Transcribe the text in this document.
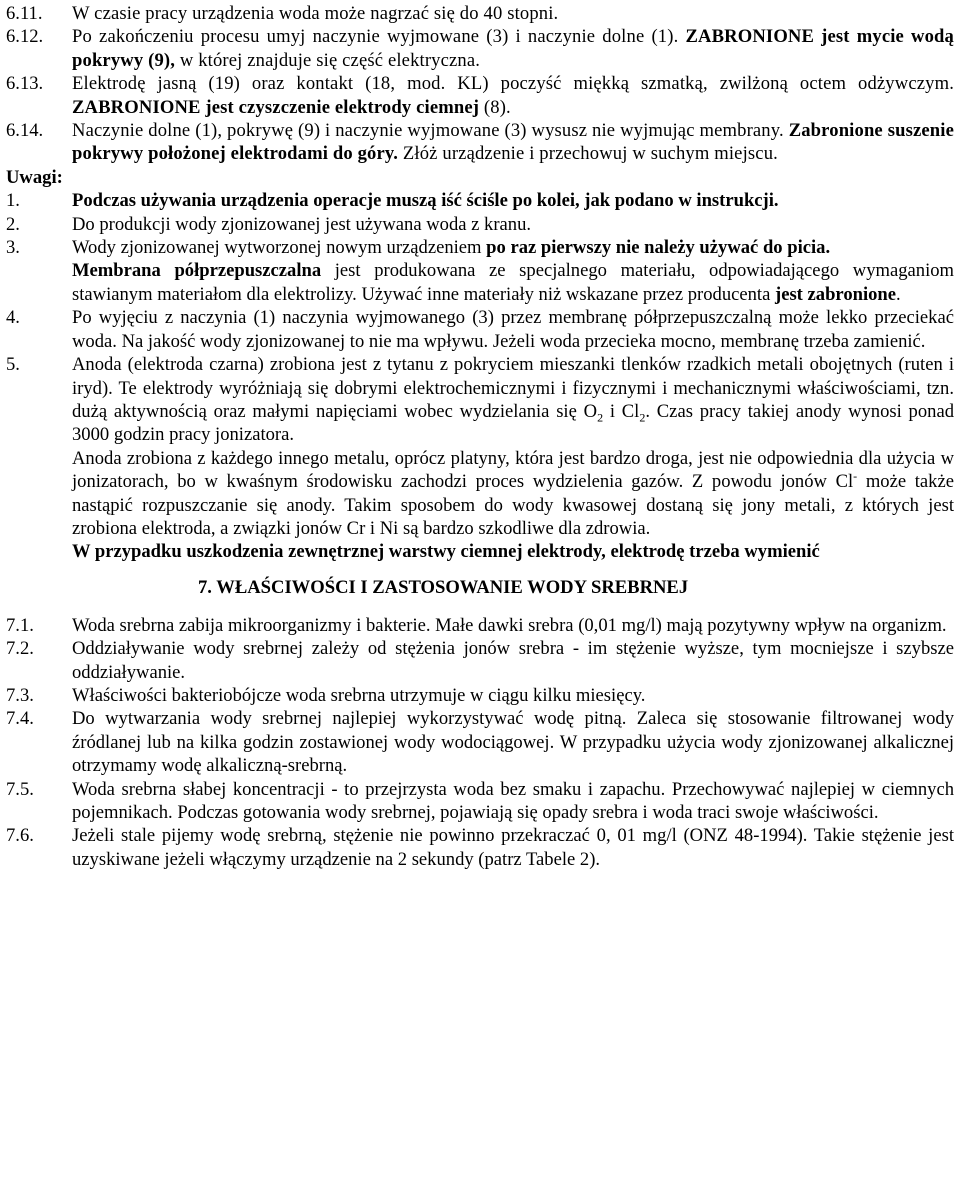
6.11.	W czasie pracy urządzenia woda może nagrzać się do 40 stopni.
6.12.	Po zakończeniu procesu umyj naczynie wyjmowane (3) i naczynie dolne (1). ZABRONIONE jest mycie wodą pokrywy (9), w której znajduje się część elektryczna.
6.13.	Elektrodę jasną (19) oraz kontakt (18, mod. KL) poczyść miękką szmatką, zwilżoną octem odżywczym. ZABRONIONE jest czyszczenie elektrody ciemnej (8).
6.14.	Naczynie dolne (1), pokrywę (9) i naczynie wyjmowane (3) wysusz nie wyjmując membrany. Zabronione suszenie pokrywy położonej elektrodami do góry. Złóż urządzenie i przechowuj w suchym miejscu.
Uwagi:
1.	Podczas używania urządzenia operacje muszą iść ściśle po kolei, jak podano w instrukcji.
2.	Do produkcji wody zjonizowanej jest używana woda z kranu.
3.	Wody zjonizowanej wytworzonej nowym urządzeniem po raz pierwszy nie należy używać do picia.
Membrana półprzepuszczalna jest produkowana ze specjalnego materiału, odpowiadającego wymaganiom stawianym materiałom dla elektrolizy. Używać inne materiały niż wskazane przez producenta jest zabronione.
4.	Po wyjęciu z naczynia (1) naczynia wyjmowanego (3) przez membranę półprzepuszczalną może lekko przeciekać woda. Na jakość wody zjonizowanej to nie ma wpływu. Jeżeli woda przecieka mocno, membranę trzeba zamienić.
5.	Anoda (elektroda czarna) zrobiona jest z tytanu z pokryciem mieszanki tlenków rzadkich metali obojętnych (ruten i iryd). Te elektrody wyróżniają się dobrymi elektrochemicznymi i fizycznymi i mechanicznymi właściwościami, tzn. dużą aktywnością oraz małymi napięciami wobec wydzielania się $O_2$ i $Cl_2$. Czas pracy takiej anody wynosi ponad 3000 godzin pracy jonizatora.
Anoda zrobiona z każdego innego metalu, oprócz platyny, która jest bardzo droga, jest nie odpowiednia dla użycia w jonizatorach, bo w kwaśnym środowisku zachodzi proces wydzielenia gazów. Z powodu jonów Cl- może także nastąpić rozpuszczanie się anody. Takim sposobem do wody kwasowej dostaną się jony metali, z których jest zrobiona elektroda, a związki jonów Cr i Ni są bardzo szkodliwe dla zdrowia.
W przypadku uszkodzenia zewnętrznej warstwy ciemnej elektrody, elektrodę trzeba wymienić
7. WŁAŚCIWOŚCI I ZASTOSOWANIE WODY SREBRNEJ
7.1.	Woda srebrna zabija mikroorganizmy i bakterie. Małe dawki srebra (0,01 mg/l) mają pozytywny wpływ na organizm.
7.2.	Oddziaływanie wody srebrnej zależy od stężenia jonów srebra - im stężenie wyższe, tym mocniejsze i szybsze oddziaływanie.
7.3.	Właściwości bakteriobójcze woda srebrna utrzymuje w ciągu kilku miesięcy.
7.4.	Do wytwarzania wody srebrnej najlepiej wykorzystywać wodę pitną. Zaleca się stosowanie filtrowanej wody źródlanej lub na kilka godzin zostawionej wody wodociągowej. W przypadku użycia wody zjonizowanej alkalicznej otrzymamy wodę alkaliczną-srebrną.
7.5.	Woda srebrna słabej koncentracji - to przejrzysta woda bez smaku i zapachu. Przechowywać najlepiej w ciemnych pojemnikach. Podczas gotowania wody srebrnej, pojawiają się opady srebra i woda traci swoje właściwości.
7.6.	Jeżeli stale pijemy wodę srebrną, stężenie nie powinno przekraczać 0, 01 mg/l (ONZ 48-1994). Takie stężenie jest uzyskiwane jeżeli włączymy urządzenie na 2 sekundy (patrz Tabele 2).
